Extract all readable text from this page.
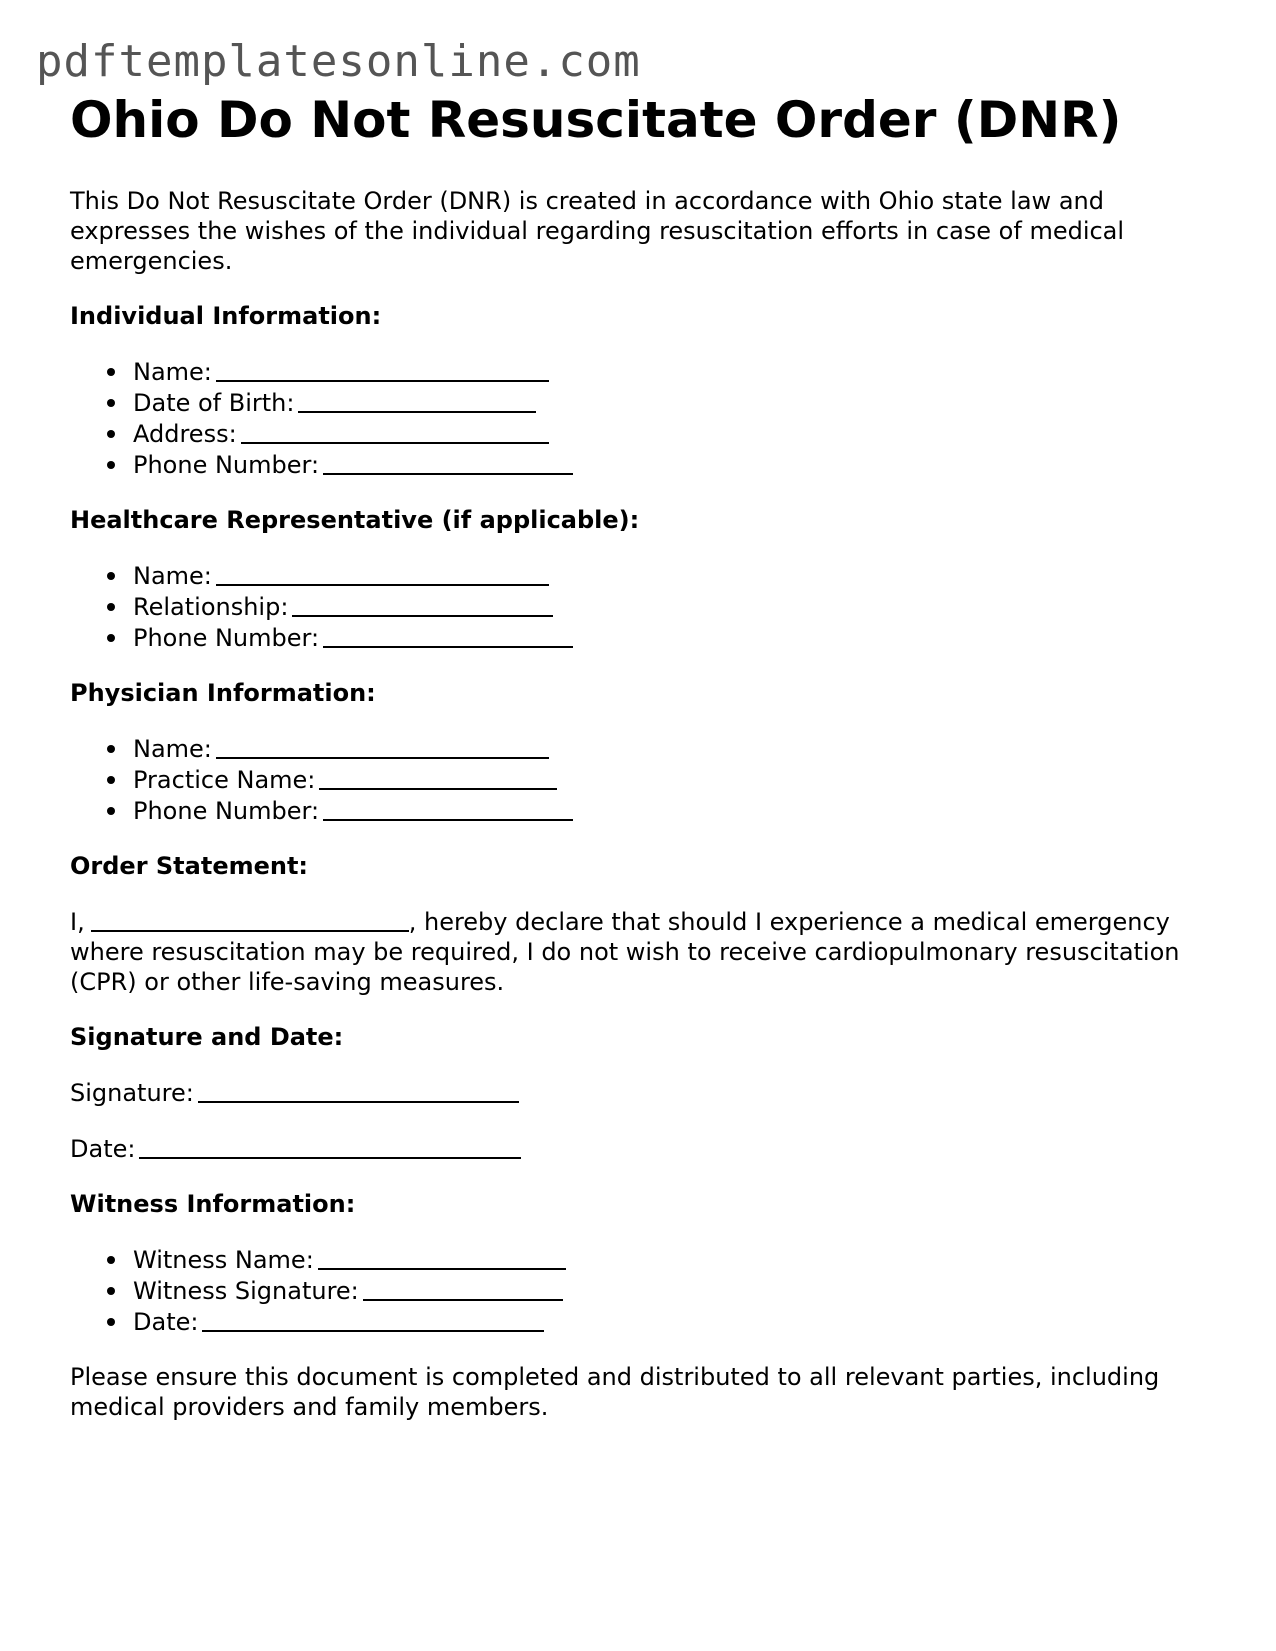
pdftemplatesonline.com
Ohio Do Not Resuscitate Order (DNR)

This Do Not Resuscitate Order (DNR) is created in accordance with Ohio state law and expresses the wishes of the individual regarding resuscitation efforts in case of medical emergencies.

Individual Information:
Name:
Date of Birth:
Address:
Phone Number:
Healthcare Representative (if applicable):
Name:
Relationship:
Phone Number:
Physician Information:
Name:
Practice Name:
Phone Number:
Order Statement:

I,	, hereby declare that should I experience a medical emergency where resuscitation may be required, I do not wish to receive cardiopulmonary resuscitation (CPR) or other life-saving measures.

Signature and Date:
Signature:
Date:
Witness Information:
Witness Name:
Witness Signature:
Date:

Please ensure this document is completed and distributed to all relevant parties, including medical providers and family members.
